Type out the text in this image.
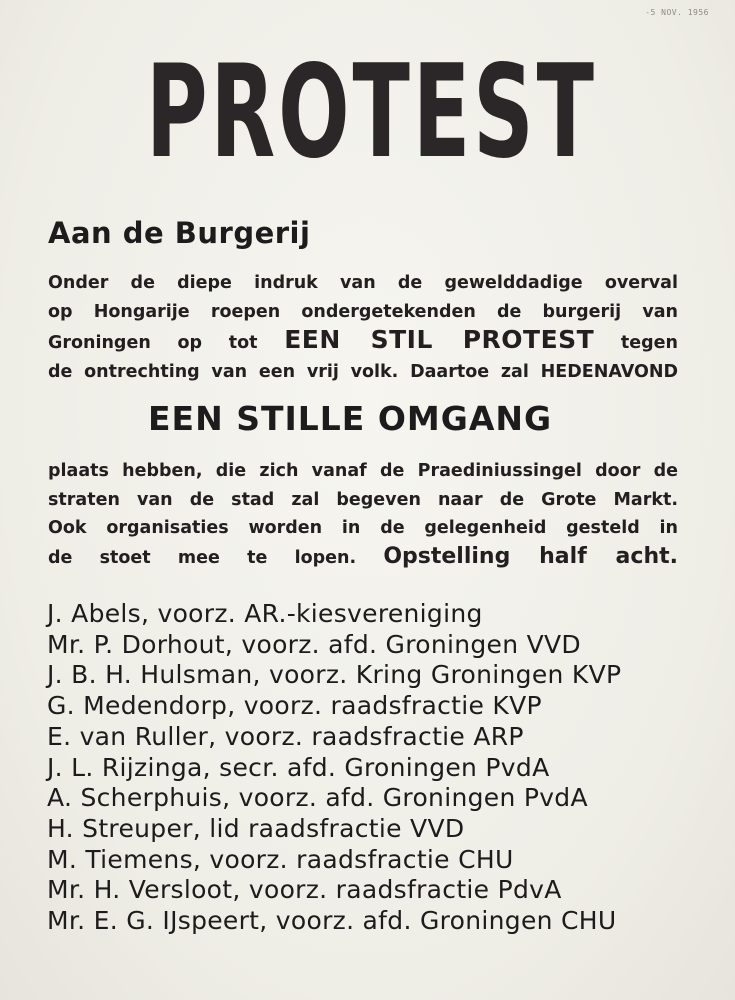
-5 NOV. 1956
PROTEST
Aan de Burgerij
Onder de diepe indruk van de gewelddadige overval
op Hongarije roepen ondergetekenden de burgerij van
Groningen op tot EEN STIL PROTEST tegen
de ontrechting van een vrij volk. Daartoe zal HEDENAVOND
EEN STILLE OMGANG
plaats hebben, die zich vanaf de Praediniussingel door de
straten van de stad zal begeven naar de Grote Markt.
Ook organisaties worden in de gelegenheid gesteld in
de stoet mee te lopen. Opstelling half acht.
J. Abels, voorz. AR.-kiesvereniging
Mr. P. Dorhout, voorz. afd. Groningen VVD
J. B. H. Hulsman, voorz. Kring Groningen KVP
G. Medendorp, voorz. raadsfractie KVP
E. van Ruller, voorz. raadsfractie ARP
J. L. Rijzinga, secr. afd. Groningen PvdA
A. Scherphuis, voorz. afd. Groningen PvdA
H. Streuper, lid raadsfractie VVD
M. Tiemens, voorz. raadsfractie CHU
Mr. H. Versloot, voorz. raadsfractie PdvA
Mr. E. G. IJspeert, voorz. afd. Groningen CHU
